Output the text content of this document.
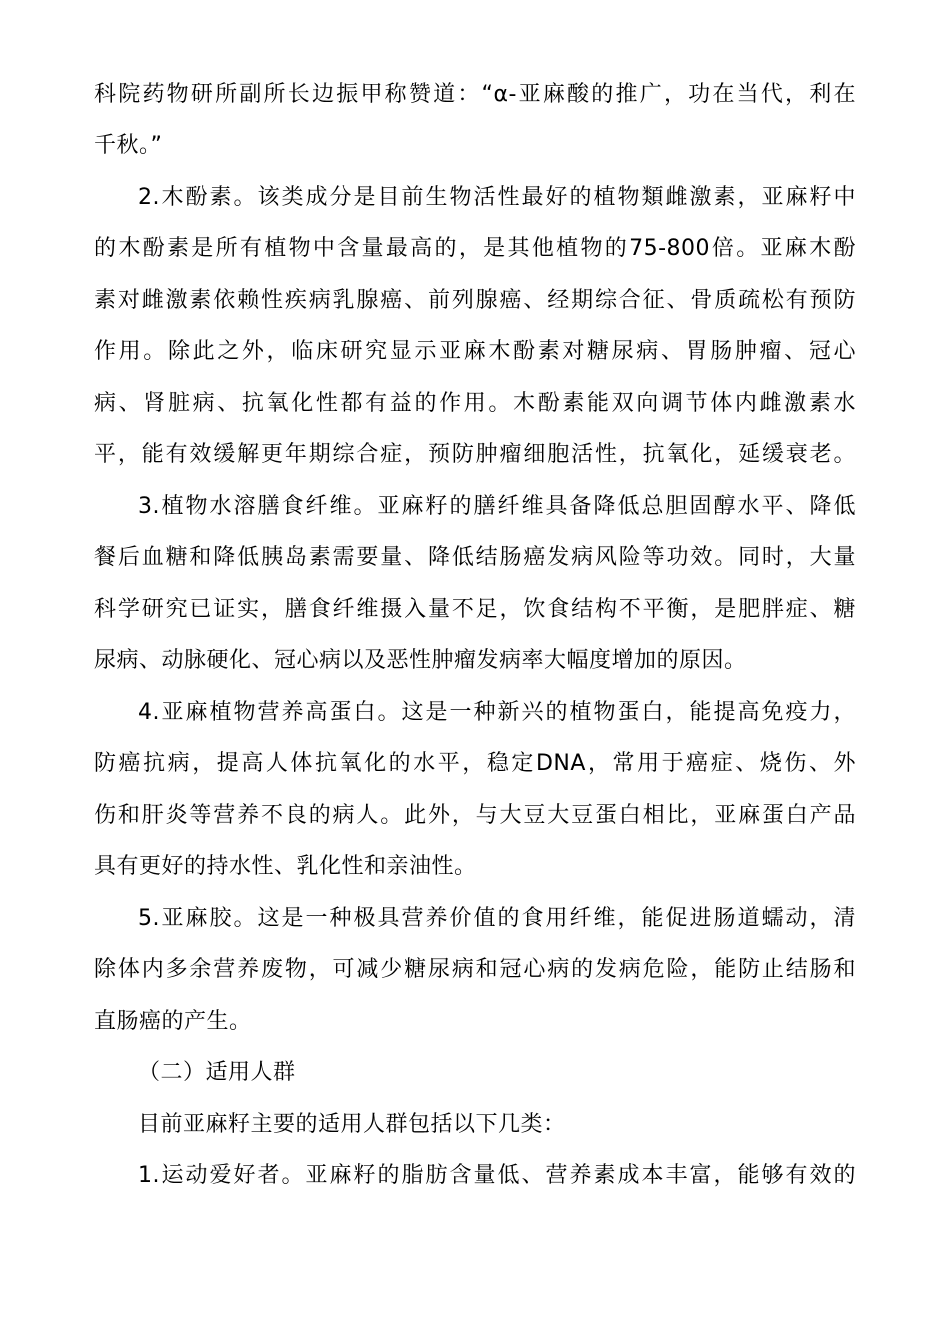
科院药物研所副所长边振甲称赞道：“α-亚麻酸的推广，功在当代，利在
千秋。”
2.木酚素。该类成分是目前生物活性最好的植物類雌激素，亚麻籽中
的木酚素是所有植物中含量最高的，是其他植物的75-800倍。亚麻木酚
素对雌激素依赖性疾病乳腺癌、前列腺癌、经期综合征、骨质疏松有预防
作用。除此之外，临床研究显示亚麻木酚素对糖尿病、胃肠肿瘤、冠心
病、肾脏病、抗氧化性都有益的作用。木酚素能双向调节体内雌激素水
平，能有效缓解更年期综合症，预防肿瘤细胞活性，抗氧化，延缓衰老。
3.植物水溶膳食纤维。亚麻籽的膳纤维具备降低总胆固醇水平、降低
餐后血糖和降低胰岛素需要量、降低结肠癌发病风险等功效。同时，大量
科学研究已证实，膳食纤维摄入量不足，饮食结构不平衡，是肥胖症、糖
尿病、动脉硬化、冠心病以及恶性肿瘤发病率大幅度增加的原因。
4.亚麻植物营养高蛋白。这是一种新兴的植物蛋白，能提高免疫力，
防癌抗病，提高人体抗氧化的水平，稳定DNA，常用于癌症、烧伤、外
伤和肝炎等营养不良的病人。此外，与大豆大豆蛋白相比，亚麻蛋白产品
具有更好的持水性、乳化性和亲油性。
5.亚麻胶。这是一种极具营养价值的食用纤维，能促进肠道蠕动，清
除体内多余营养废物，可减少糖尿病和冠心病的发病危险，能防止结肠和
直肠癌的产生。
（二）适用人群
目前亚麻籽主要的适用人群包括以下几类：
1.运动爱好者。亚麻籽的脂肪含量低、营养素成本丰富，能够有效的
